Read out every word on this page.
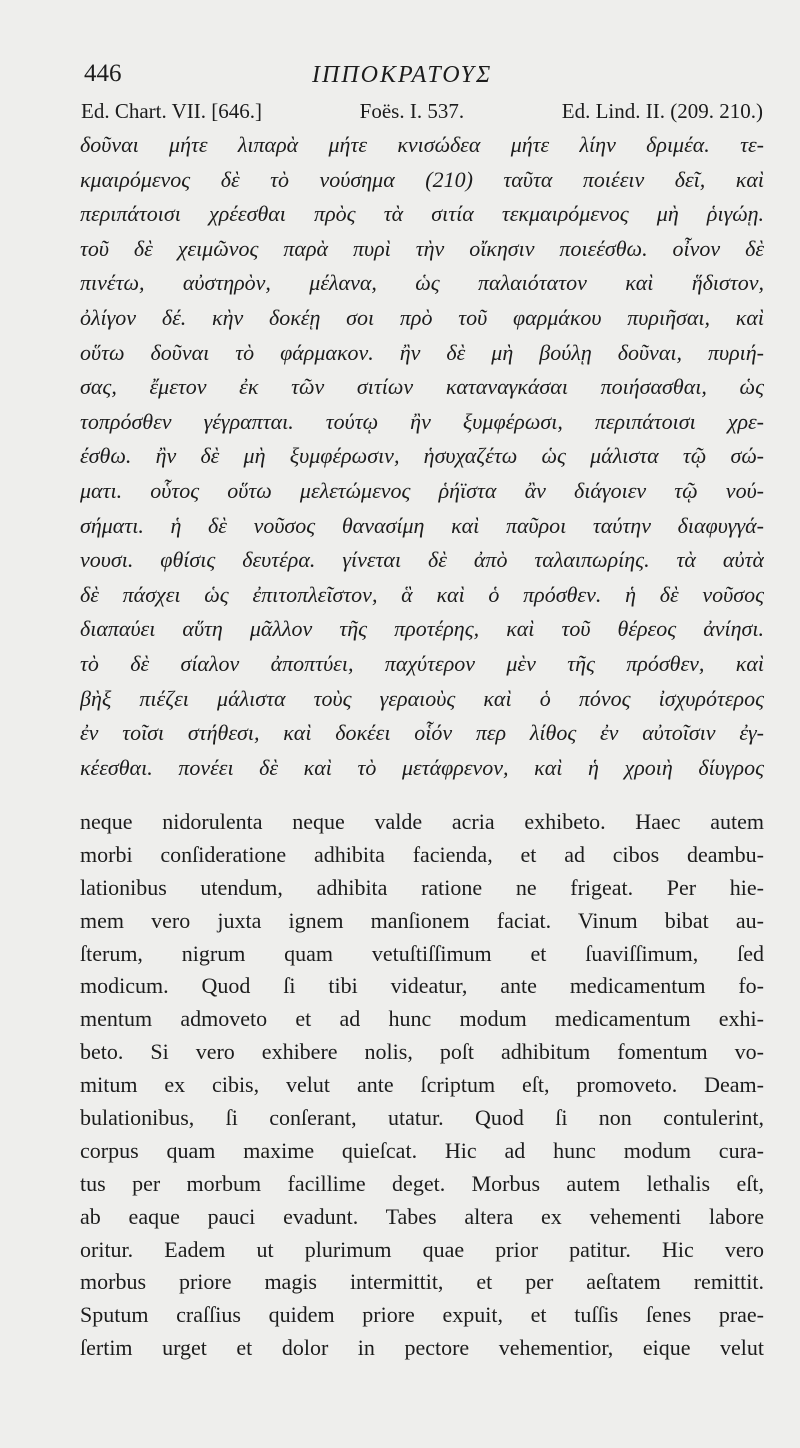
446	ΙΠΠΟΚΡΑΤΟΥΣ
Ed. Chart. VII. [646.]	Foës. I. 537.	Ed. Lind. II. (209. 210.)
δοῦναι μήτε λιπαρὰ μήτε κνισώδεα μήτε λίην δριμέα. τε-
κμαιρόμενος δὲ τὸ νούσημα (210) ταῦτα ποιέειν δεῖ, καὶ
περιπάτοισι χρέεσθαι πρὸς τὰ σιτία τεκμαιρόμενος μὴ ῥιγώῃ.
τοῦ δὲ χειμῶνος παρὰ πυρὶ τὴν οἴκησιν ποιεέσθω. οἶνον δὲ
πινέτω, αὐστηρὸν, μέλανα, ὡς παλαιότατον καὶ ἥδιστον,
ὀλίγον δέ. κὴν δοκέῃ σοι πρὸ τοῦ φαρμάκου πυριῆσαι, καὶ
οὕτω δοῦναι τὸ φάρμακον. ἢν δὲ μὴ βούλῃ δοῦναι, πυριή-
σας, ἔμετον ἐκ τῶν σιτίων καταναγκάσαι ποιήσασθαι, ὡς
τοπρόσθεν γέγραπται. τούτῳ ἢν ξυμφέρωσι, περιπάτοισι χρε-
έσθω. ἢν δὲ μὴ ξυμφέρωσιν, ἡσυχαζέτω ὡς μάλιστα τῷ σώ-
ματι. οὗτος οὕτω μελετώμενος ῥήϊστα ἂν διάγοιεν τῷ νού-
σήματι. ἡ δὲ νοῦσος θανασίμη καὶ παῦροι ταύτην διαφυγγά-
νουσι. φθίσις δευτέρα. γίνεται δὲ ἀπὸ ταλαιπωρίης. τὰ αὐτὰ
δὲ πάσχει ὡς ἐπιτοπλεῖστον, ἃ καὶ ὁ πρόσθεν. ἡ δὲ νοῦσος
διαπαύει αὕτη μᾶλλον τῆς προτέρης, καὶ τοῦ θέρεος ἀνίησι.
τὸ δὲ σίαλον ἀποπτύει, παχύτερον μὲν τῆς πρόσθεν, καὶ
βὴξ πιέζει μάλιστα τοὺς γεραιοὺς καὶ ὁ πόνος ἰσχυρότερος
ἐν τοῖσι στήθεσι, καὶ δοκέει οἷόν περ λίθος ἐν αὐτοῖσιν ἐγ-
κέεσθαι. πονέει δὲ καὶ τὸ μετάφρενον, καὶ ἡ χροιὴ δίυγρος
neque nidorulenta neque valde acria exhibeto. Haec autem
morbi conſideratione adhibita facienda, et ad cibos deambu-
lationibus utendum, adhibita ratione ne frigeat. Per hie-
mem vero juxta ignem manſionem faciat. Vinum bibat au-
ſterum, nigrum quam vetuſtiſſimum et ſuaviſſimum, ſed
modicum. Quod ſi tibi videatur, ante medicamentum fo-
mentum admoveto et ad hunc modum medicamentum exhi-
beto. Si vero exhibere nolis, poſt adhibitum fomentum vo-
mitum ex cibis, velut ante ſcriptum eſt, promoveto. Deam-
bulationibus, ſi conſerant, utatur. Quod ſi non contulerint,
corpus quam maxime quieſcat. Hic ad hunc modum cura-
tus per morbum facillime deget. Morbus autem lethalis eſt,
ab eaque pauci evadunt. Tabes altera ex vehementi labore
oritur. Eadem ut plurimum quae prior patitur. Hic vero
morbus priore magis intermittit, et per aeſtatem remittit.
Sputum craſſius quidem priore expuit, et tuſſis ſenes prae-
ſertim urget et dolor in pectore vehementior, eique velut
